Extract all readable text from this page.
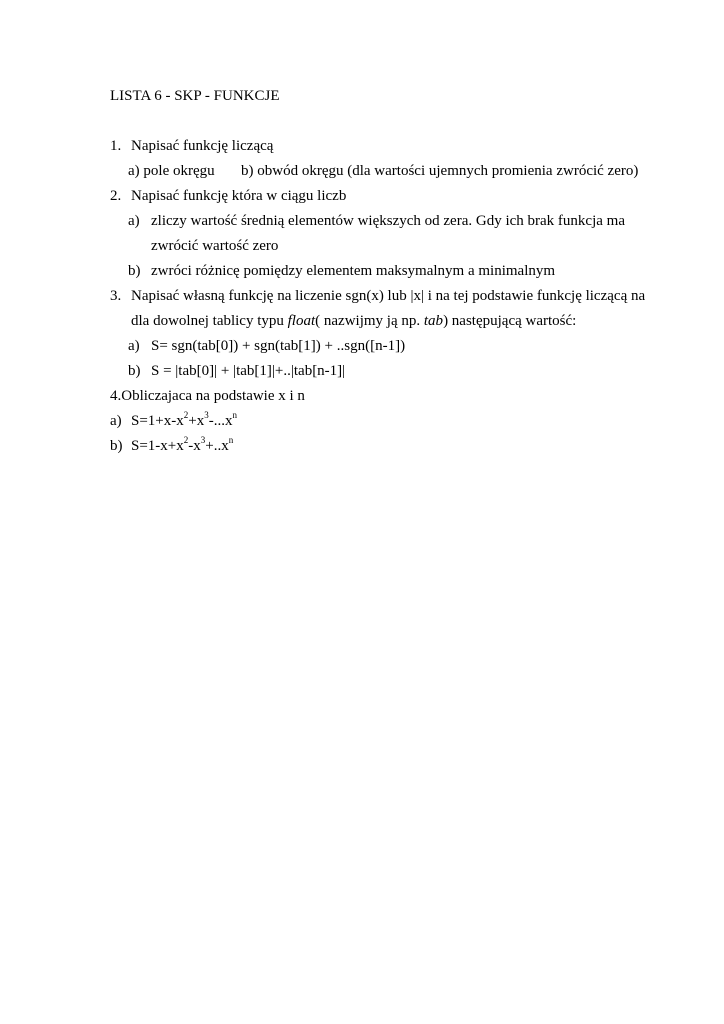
LISTA 6 - SKP - FUNKCJE
1. Napisać funkcję liczącą
a) pole okręgu b) obwód okręgu (dla wartości ujemnych promienia zwrócić zero)
2. Napisać funkcję która w ciągu liczb
a) zliczy wartość średnią elementów większych od zera. Gdy ich brak funkcja ma
zwrócić wartość zero
b) zwróci różnicę pomiędzy elementem maksymalnym a minimalnym
3. Napisać własną funkcję na liczenie sgn(x) lub |x| i na tej podstawie funkcję liczącą na
dla dowolnej tablicy typu float( nazwijmy ją np. tab) następującą wartość:
a) S= sgn(tab[0]) + sgn(tab[1]) + ..sgn([n-1])
b) S = |tab[0]| + |tab[1]|+..|tab[n-1]|
4.Obliczajaca na podstawie x i n
a) $S=1+x-x^2+x^3-...x^n$
b) $S=1-x+x^2-x^3+..x^n$
